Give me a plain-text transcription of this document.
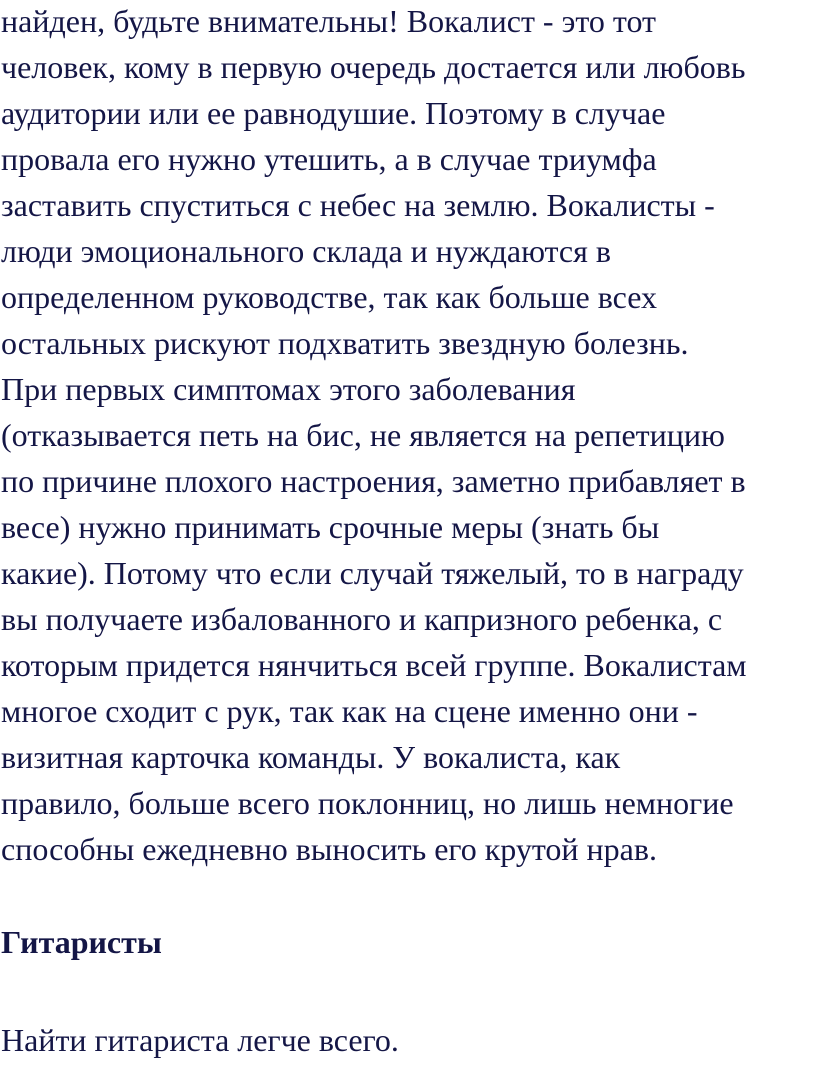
найден, будьте внимательны! Вокалист - это тот
человек, кому в первую очередь достается или любовь
аудитории или ее равнодушие. Поэтому в случае
провала его нужно утешить, а в случае триумфа
заставить спуститься с небес на землю. Вокалисты -
люди эмоционального склада и нуждаются в
определенном руководстве, так как больше всех
остальных рискуют подхватить звездную болезнь.
При первых симптомах этого заболевания
(отказывается петь на бис, не является на репетицию
по причине плохого настроения, заметно прибавляет в
весе) нужно принимать срочные меры (знать бы
какие). Потому что если случай тяжелый, то в награду
вы получаете избалованного и капризного ребенка, с
которым придется нянчиться всей группе. Вокалистам
многое сходит с рук, так как на сцене именно они -
визитная карточка команды. У вокалиста, как
правило, больше всего поклонниц, но лишь немногие
способны ежедневно выносить его крутой нрав.
Гитаристы
Найти гитариста легче всего.
